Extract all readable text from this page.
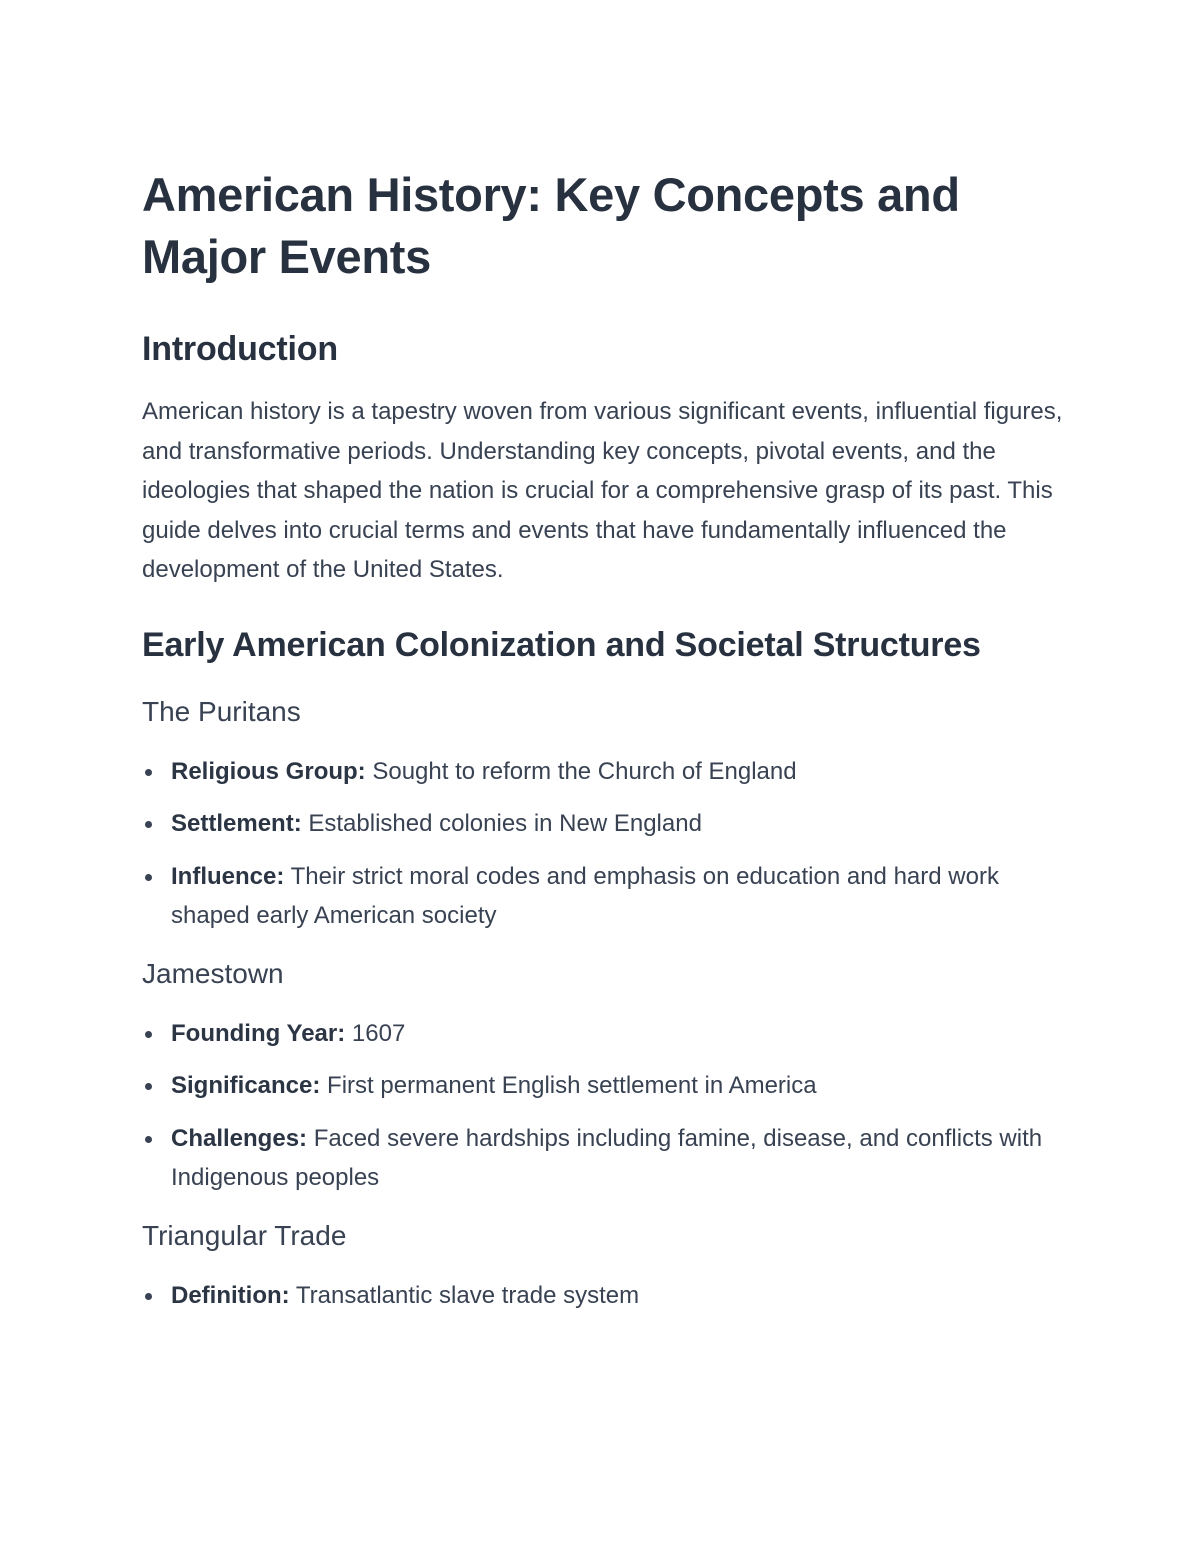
American History: Key Concepts and Major Events
Introduction

American history is a tapestry woven from various significant events, influential figures, and transformative periods. Understanding key concepts, pivotal events, and the ideologies that shaped the nation is crucial for a comprehensive grasp of its past. This guide delves into crucial terms and events that have fundamentally influenced the development of the United States.

Early American Colonization and Societal Structures
The Puritans
Religious Group: Sought to reform the Church of England
Settlement: Established colonies in New England
Influence: Their strict moral codes and emphasis on education and hard work shaped early American society
Jamestown
Founding Year: 1607
Significance: First permanent English settlement in America
Challenges: Faced severe hardships including famine, disease, and conflicts with Indigenous peoples
Triangular Trade
Definition: Transatlantic slave trade system
